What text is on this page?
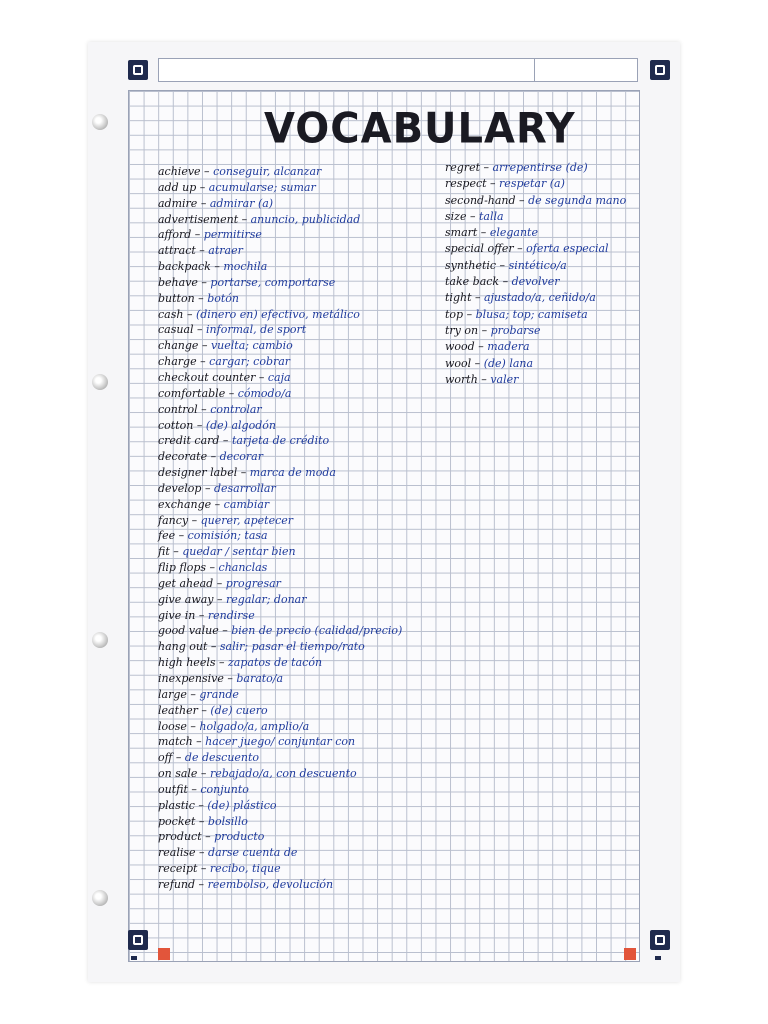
VOCABULARY
achieve – conseguir, alcanzar
add up – acumularse; sumar
admire – admirar (a)
advertisement – anuncio, publicidad
afford – permitirse
attract – atraer
backpack – mochila
behave – portarse, comportarse
button – botón
cash – (dinero en) efectivo, metálico
casual – informal, de sport
change – vuelta; cambio
charge – cargar; cobrar
checkout counter – caja
comfortable – cómodo/a
control – controlar
cotton – (de) algodón
credit card – tarjeta de crédito
decorate – decorar
designer label – marca de moda
develop – desarrollar
exchange – cambiar
fancy – querer, apetecer
fee – comisión; tasa
fit – quedar / sentar bien
flip flops – chanclas
get ahead – progresar
give away – regalar; donar
give in – rendirse
good value – bien de precio (calidad/precio)
hang out – salir; pasar el tiempo/rato
high heels – zapatos de tacón
inexpensive – barato/a
large – grande
leather – (de) cuero
loose – holgado/a, amplio/a
match – hacer juego/ conjuntar con
off – de descuento
on sale – rebajado/a, con descuento
outfit – conjunto
plastic – (de) plástico
pocket – bolsillo
product – producto
realise – darse cuenta de
receipt – recibo, tique
refund – reembolso, devolución
regret – arrepentirse (de)
respect – respetar (a)
second-hand – de segunda mano
size – talla
smart – elegante
special offer – oferta especial
synthetic – sintético/a
take back – devolver
tight – ajustado/a, ceñido/a
top – blusa; top; camiseta
try on – probarse
wood – madera
wool – (de) lana
worth – valer
